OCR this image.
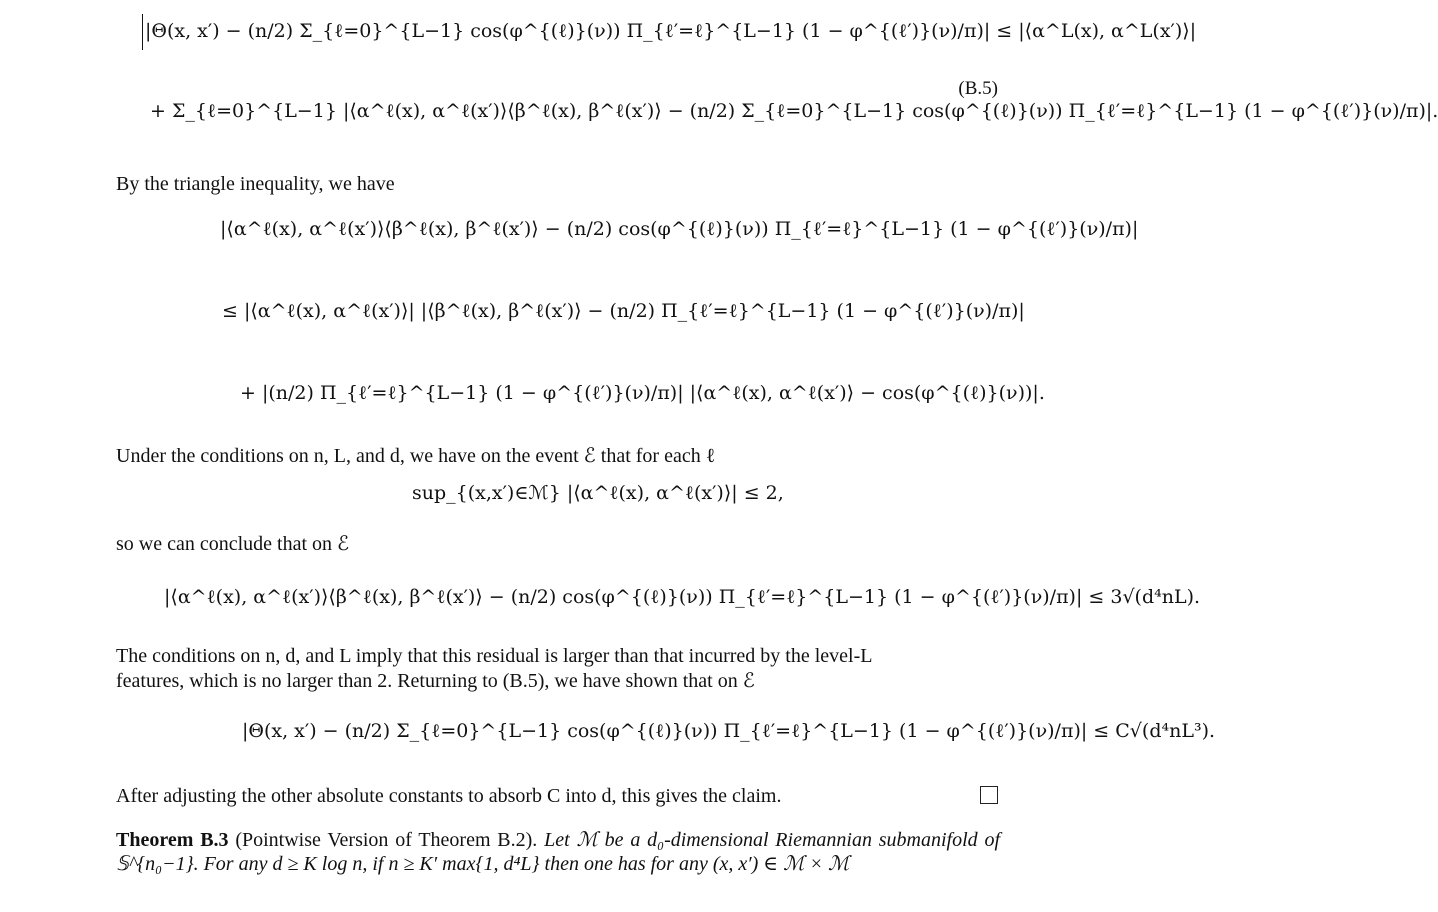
|Θ(x, x′) − (n/2) Σ_{ℓ=0}^{L−1} cos(φ^{(ℓ)}(ν)) Π_{ℓ′=ℓ}^{L−1} (1 − φ^{(ℓ′)}(ν)/π)| ≤ |⟨α^L(x), α^L(x′)⟩|
+ Σ_{ℓ=0}^{L−1} |⟨α^ℓ(x), α^ℓ(x′)⟩⟨β^ℓ(x), β^ℓ(x′)⟩ − (n/2) Σ_{ℓ=0}^{L−1} cos(φ^{(ℓ)}(ν)) Π_{ℓ′=ℓ}^{L−1} (1 − φ^{(ℓ′)}(ν)/π)|.
(B.5)
By the triangle inequality, we have
|⟨α^ℓ(x), α^ℓ(x′)⟩⟨β^ℓ(x), β^ℓ(x′)⟩ − (n/2) cos(φ^{(ℓ)}(ν)) Π_{ℓ′=ℓ}^{L−1} (1 − φ^{(ℓ′)}(ν)/π)|
≤ |⟨α^ℓ(x), α^ℓ(x′)⟩| |⟨β^ℓ(x), β^ℓ(x′)⟩ − (n/2) Π_{ℓ′=ℓ}^{L−1} (1 − φ^{(ℓ′)}(ν)/π)|
+ |(n/2) Π_{ℓ′=ℓ}^{L−1} (1 − φ^{(ℓ′)}(ν)/π)| |⟨α^ℓ(x), α^ℓ(x′)⟩ − cos(φ^{(ℓ)}(ν))|.
Under the conditions on n, L, and d, we have on the event ℰ that for each ℓ
sup_{(x,x′)∈ℳ} |⟨α^ℓ(x), α^ℓ(x′)⟩| ≤ 2,
so we can conclude that on ℰ
|⟨α^ℓ(x), α^ℓ(x′)⟩⟨β^ℓ(x), β^ℓ(x′)⟩ − (n/2) cos(φ^{(ℓ)}(ν)) Π_{ℓ′=ℓ}^{L−1} (1 − φ^{(ℓ′)}(ν)/π)| ≤ 3√(d⁴nL).
The conditions on n, d, and L imply that this residual is larger than that incurred by the level-L
features, which is no larger than 2. Returning to (B.5), we have shown that on ℰ
|Θ(x, x′) − (n/2) Σ_{ℓ=0}^{L−1} cos(φ^{(ℓ)}(ν)) Π_{ℓ′=ℓ}^{L−1} (1 − φ^{(ℓ′)}(ν)/π)| ≤ C√(d⁴nL³).
After adjusting the other absolute constants to absorb C into d, this gives the claim.
Theorem B.3 (Pointwise Version of Theorem B.2). Let ℳ be a d₀-dimensional Riemannian submanifold of 𝕊^{n₀−1}. For any d ≥ K log n, if n ≥ K′ max{1, d⁴L} then one has for any (x, x′) ∈ ℳ × ℳ
